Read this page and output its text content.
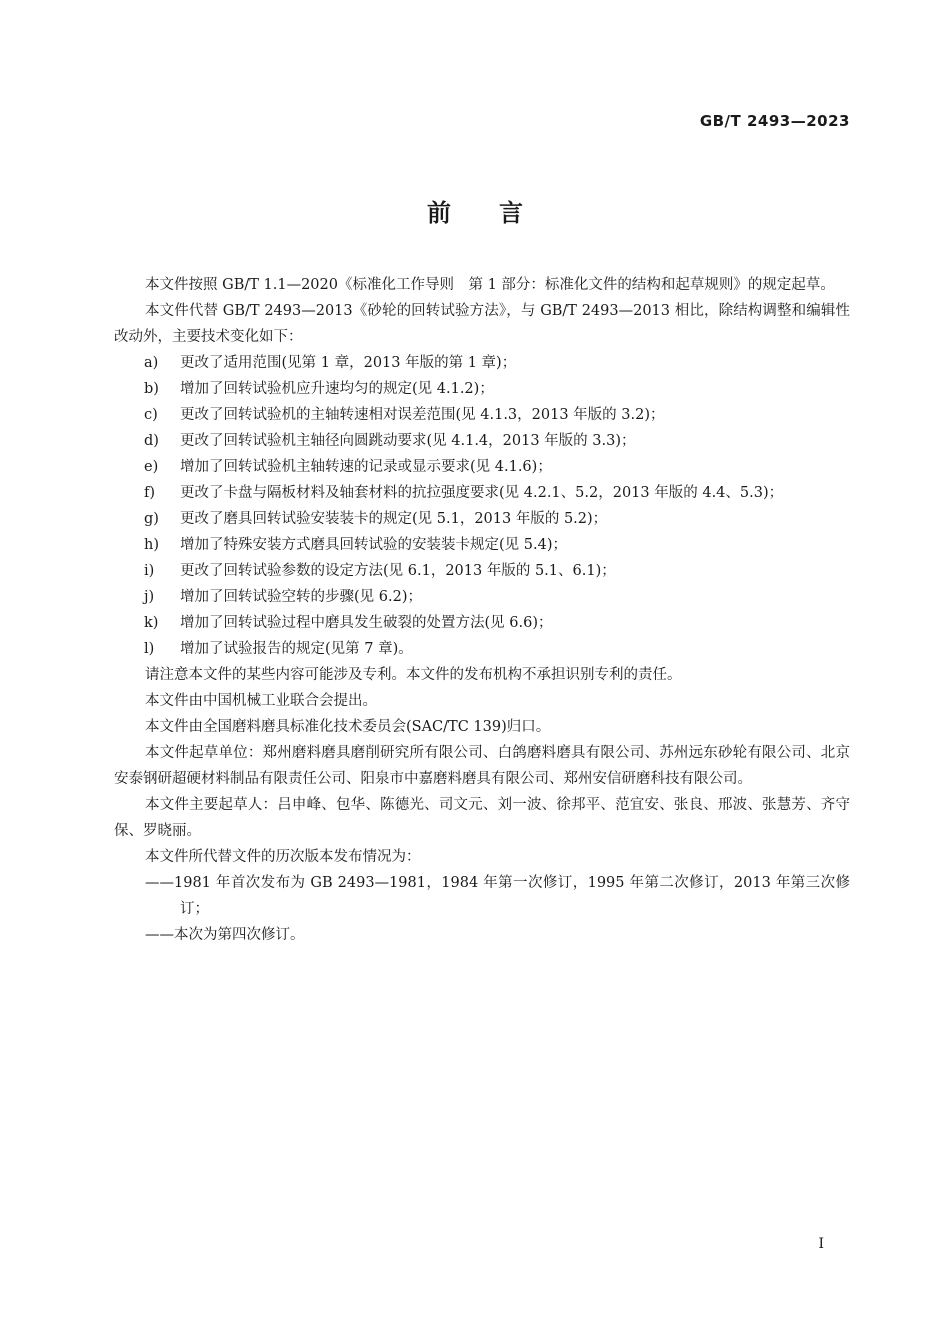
GB/T 2493—2023
前言

本文件按照 GB/T 1.1—2020《标准化工作导则　第 1 部分：标准化文件的结构和起草规则》的规定起草。

本文件代替 GB/T 2493—2013《砂轮的回转试验方法》，与 GB/T 2493—2013 相比，除结构调整和编辑性改动外，主要技术变化如下：

a) 更改了适用范围(见第 1 章，2013 年版的第 1 章)；

b) 增加了回转试验机应升速均匀的规定(见 4.1.2)；

c) 更改了回转试验机的主轴转速相对误差范围(见 4.1.3，2013 年版的 3.2)；

d) 更改了回转试验机主轴径向圆跳动要求(见 4.1.4，2013 年版的 3.3)；

e) 增加了回转试验机主轴转速的记录或显示要求(见 4.1.6)；

f) 更改了卡盘与隔板材料及轴套材料的抗拉强度要求(见 4.2.1、5.2，2013 年版的 4.4、5.3)；

g) 更改了磨具回转试验安装装卡的规定(见 5.1，2013 年版的 5.2)；

h) 增加了特殊安装方式磨具回转试验的安装装卡规定(见 5.4)；

i) 更改了回转试验参数的设定方法(见 6.1，2013 年版的 5.1、6.1)；

j) 增加了回转试验空转的步骤(见 6.2)；

k) 增加了回转试验过程中磨具发生破裂的处置方法(见 6.6)；

l) 增加了试验报告的规定(见第 7 章)。

请注意本文件的某些内容可能涉及专利。本文件的发布机构不承担识别专利的责任。

本文件由中国机械工业联合会提出。

本文件由全国磨料磨具标准化技术委员会(SAC/TC 139)归口。

本文件起草单位：郑州磨料磨具磨削研究所有限公司、白鸽磨料磨具有限公司、苏州远东砂轮有限公司、北京安泰钢研超硬材料制品有限责任公司、阳泉市中嘉磨料磨具有限公司、郑州安信研磨科技有限公司。

本文件主要起草人：吕申峰、包华、陈德光、司文元、刘一波、徐邦平、范宜安、张良、邢波、张慧芳、齐守保、罗晓丽。

本文件所代替文件的历次版本发布情况为：

——1981 年首次发布为 GB 2493—1981，1984 年第一次修订，1995 年第二次修订，2013 年第三次修订；

——本次为第四次修订。

I
